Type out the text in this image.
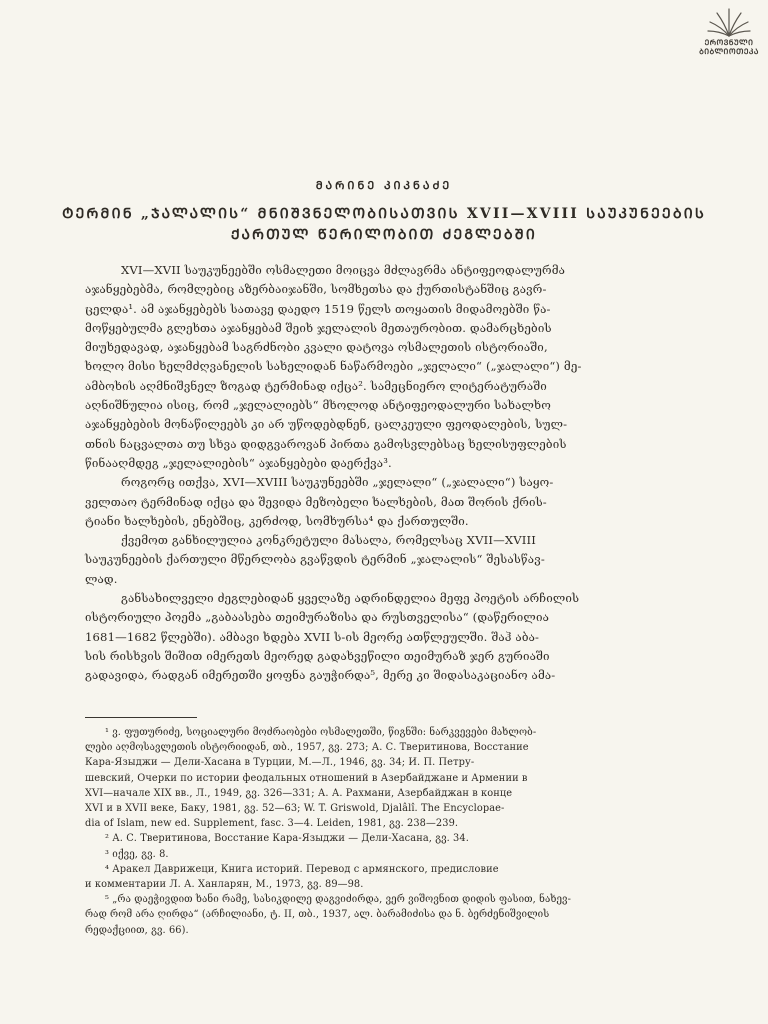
ᲔᲠᲝᲕᲜᲣᲚᲘ
ᲑᲘᲑᲚᲘᲝᲗᲔᲙᲐ
ᲛᲐᲠᲘᲜᲔ ᲙᲘᲙᲜᲐᲫᲔ
ᲢᲔᲠᲛᲘᲜ „ᲯᲐᲚᲐᲚᲘᲡ“ ᲛᲜᲘᲨᲕᲜᲔᲚᲝᲑᲘᲡᲐᲗᲕᲘᲡ XVII—XVIII ᲡᲐᲣᲙᲣᲜᲔᲔᲑᲘᲡ
ᲥᲐᲠᲗᲣᲚ ᲬᲔᲠᲘᲚᲝᲑᲘᲗ ᲫᲔᲒᲚᲔᲑᲨᲘ
XVI—XVII საუკუნეებში ოსმალეთი მოიცვა მძლავრმა ანტიფეოდალურმა
აჯანყებებმა, რომლებიც აზერბაიჯანში, სომხეთსა და ქურთისტანშიც გავრ-
ცელდა¹. ამ აჯანყებებს სათავე დაედო 1519 წელს თოყათის მიდამოებში წა-
მოწყებულმა გლეხთა აჯანყებამ შეიხ ჯელალის მეთაურობით. დამარცხების
მიუხედავად, აჯანყებამ საგრძნობი კვალი დატოვა ოსმალეთის ისტორიაში,
ხოლო მისი ხელმძღვანელის სახელიდან ნაწარმოები „ჯელალი“ („ჯალალი“) მე-
ამბოხის აღმნიშვნელ ზოგად ტერმინად იქცა². სამეცნიერო ლიტერატურაში
აღნიშნულია ისიც, რომ „ჯელალიებს“ მხოლოდ ანტიფეოდალური სახალხო
აჯანყებების მონაწილეებს კი არ უწოდებდნენ, ცალკეული ფეოდალების, სულ-
თნის ნაცვალთა თუ სხვა დიდგვაროვან პირთა გამოსვლებსაც ხელისუფლების
წინააღმდეგ „ჯელალიების“ აჯანყებები დაერქვა³.
როგორც ითქვა, XVI—XVIII საუკუნეებში „ჯელალი“ („ჯალალი“) საყო-
ველთაო ტერმინად იქცა და შევიდა მეზობელი ხალხების, მათ შორის ქრის-
ტიანი ხალხების, ენებშიც, კერძოდ, სომხურსა⁴ და ქართულში.
ქვემოთ განხილულია კონკრეტული მასალა, რომელსაც XVII—XVIII
საუკუნეების ქართული მწერლობა გვაწვდის ტერმინ „ჯალალის“ შესასწავ-
ლად.
განსახილველი ძეგლებიდან ყველაზე ადრინდელია მეფე პოეტის არჩილის
ისტორიული პოემა „გაბაასება თეიმურაზისა და რუსთველისა“ (დაწერილია
1681—1682 წლებში). ამბავი ხდება XVII ს-ის მეორე ათწლეულში. შაჰ აბა-
სის რისხვის შიშით იმერეთს მეორედ გადახვეწილი თეიმურაზ ჯერ გურიაში
გადავიდა, რადგან იმერეთში ყოფნა გაუჭირდა⁵, მერე კი შიდასაკაციანო ამა-
¹ ვ. ფუთურიძე, სოციალური მოძრაობები ოსმალეთში, წიგნში: ნარკვევები მახლობ-
ლები აღმოსავლეთის ისტორიიდან, თბ., 1957, გვ. 273; А. С. Тверитинова, Восстание
Кара-Языджи — Дели-Хасана в Турции, М.—Л., 1946, გვ. 34; И. П. Петру-
шевский, Очерки по истории феодальных отношений в Азербайджане и Армении в
XVI—начале XIX вв., Л., 1949, გვ. 326—331; А. А. Рахмани, Азербайджан в конце
XVI и в XVII веке, Баку, 1981, გვ. 52—63; W. T. Griswold, Djalâlî. The Encyclopae-
dia of Islam, new ed. Supplement, fasc. 3—4. Leiden, 1981, გვ. 238—239.
² А. С. Тверитинова, Восстание Кара-Языджи — Дели-Хасана, გვ. 34.
³ იქვე, გვ. 8.
⁴ Аракел Даврижеци, Книга историй. Перевод с армянского, предисловие
и комментарии Л. А. Ханларян, М., 1973, გვ. 89—98.
⁵ „რა დაეჭივდით ხანი რამე, სასიკდილე დაგვიძირდა, ვერ ვიშოვნით დიდის ფასით, ნახევ-
რად რომ არა ღირდა“ (არჩილიანი, ტ. II, თბ., 1937, ალ. ბარამიძისა და ნ. ბერძენიშვილის
რედაქციით, გვ. 66).
